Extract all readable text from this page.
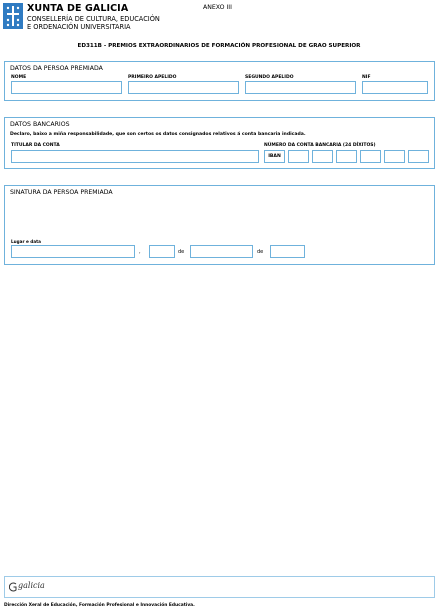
XUNTA DE GALICIA
CONSELLERÍA DE CULTURA, EDUCACIÓN
E ORDENACIÓN UNIVERSITARIA
ANEXO III
ED311B - PREMIOS EXTRAORDINARIOS DE FORMACIÓN PROFESIONAL DE GRAO SUPERIOR
DATOS DA PERSOA PREMIADA
NOME	PRIMEIRO APELIDO	SEGUNDO APELIDO	NIF
DATOS BANCARIOS
Declaro, baixo a miña responsabilidade, que son certos os datos consignados relativos á conta bancaria indicada.
TITULAR DA CONTA	NÚMERO DA CONTA BANCARIA (24 DÍXITOS)
IBAN
SINATURA DA PERSOA PREMIADA
Lugar e data
,	de	de
galicia
Dirección Xeral de Educación, Formación Profesional e Innovación Educativa.
